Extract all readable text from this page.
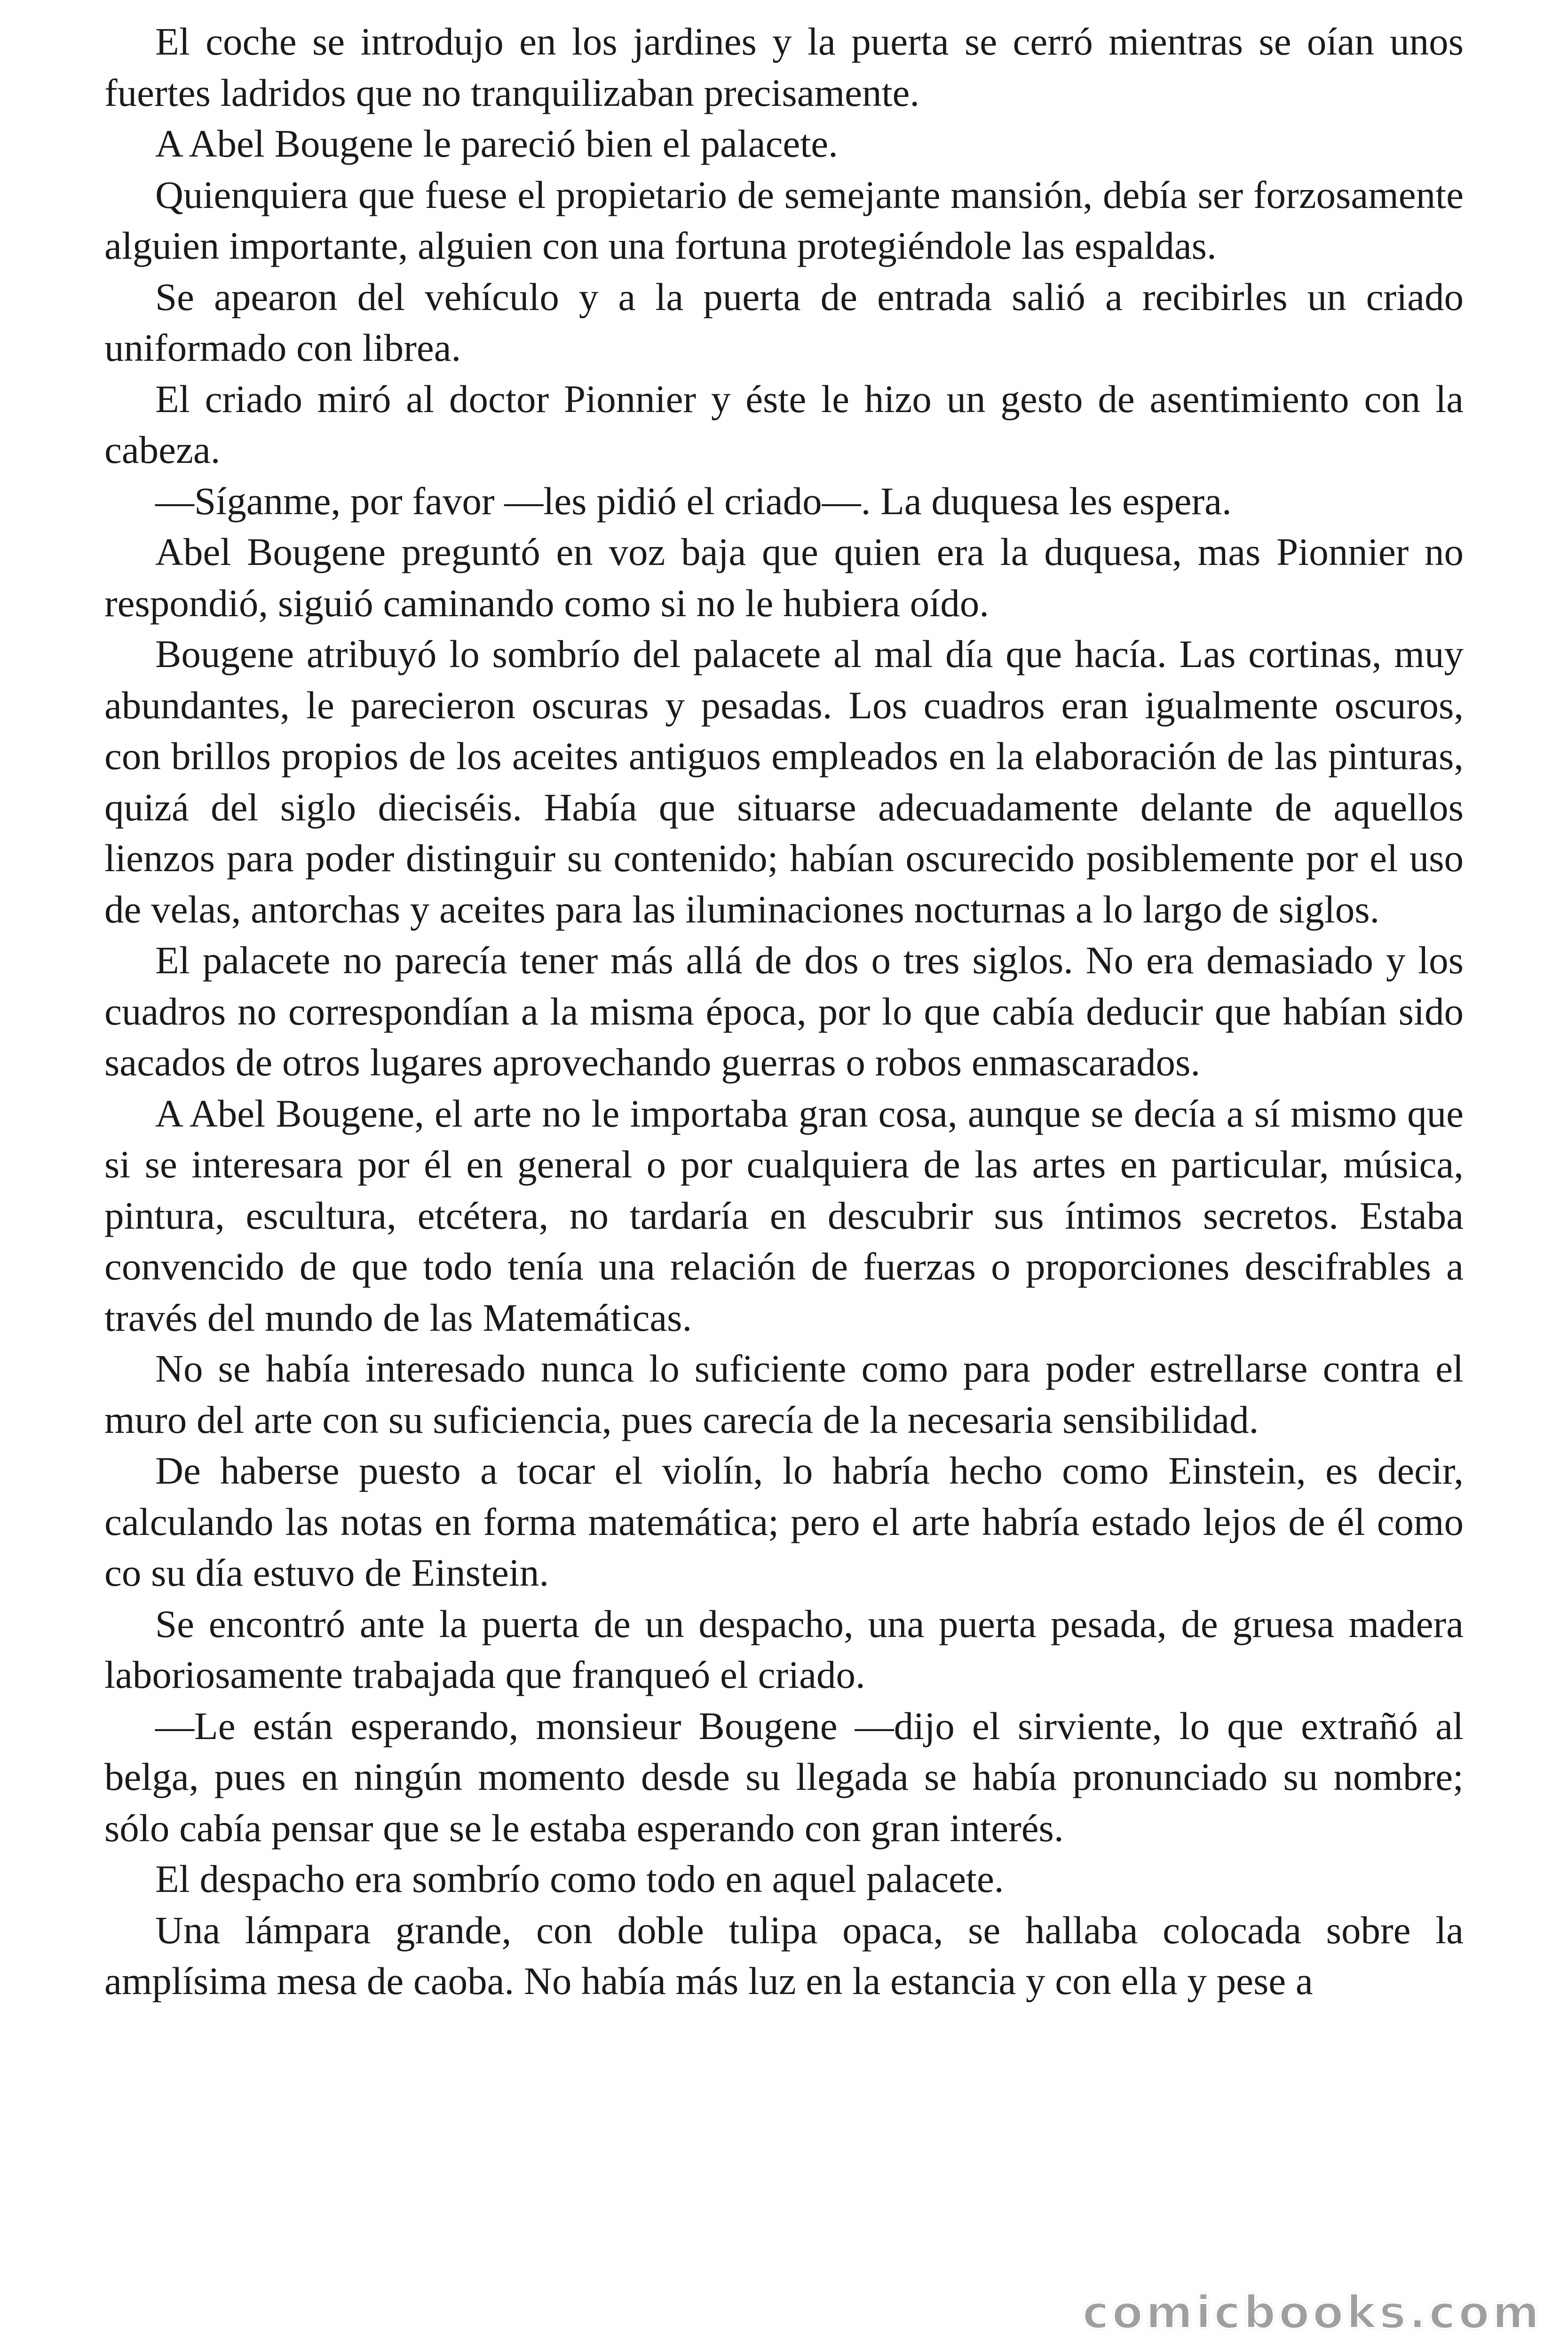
El coche se introdujo en los jardines y la puerta se cerró mientras se oían unos fuertes ladridos que no tranquilizaban precisamente.

A Abel Bougene le pareció bien el palacete.

Quienquiera que fuese el propietario de semejante mansión, debía ser forzosamente alguien importante, alguien con una fortuna protegiéndole las espaldas.

Se apearon del vehículo y a la puerta de entrada salió a recibirles un criado uniformado con librea.

El criado miró al doctor Pionnier y éste le hizo un gesto de asentimiento con la cabeza.

—Síganme, por favor —les pidió el criado—. La duquesa les espera.

Abel Bougene preguntó en voz baja que quien era la duquesa, mas Pionnier no respondió, siguió caminando como si no le hubiera oído.

Bougene atribuyó lo sombrío del palacete al mal día que hacía. Las cortinas, muy abundantes, le parecieron oscuras y pesadas. Los cuadros eran igualmente oscuros, con brillos propios de los aceites antiguos empleados en la elaboración de las pinturas, quizá del siglo dieciséis. Había que situarse adecuadamente delante de aquellos lienzos para poder distinguir su contenido; habían oscurecido posiblemente por el uso de velas, antorchas y aceites para las iluminaciones nocturnas a lo largo de siglos.

El palacete no parecía tener más allá de dos o tres siglos. No era demasiado y los cuadros no correspondían a la misma época, por lo que cabía deducir que habían sido sacados de otros lugares aprovechando guerras o robos enmascarados.

A Abel Bougene, el arte no le importaba gran cosa, aunque se decía a sí mismo que si se interesara por él en general o por cualquiera de las artes en particular, música, pintura, escultura, etcétera, no tardaría en descubrir sus íntimos secretos. Estaba convencido de que todo tenía una relación de fuerzas o proporciones descifrables a través del mundo de las Matemáticas.

No se había interesado nunca lo suficiente como para poder estrellarse contra el muro del arte con su suficiencia, pues carecía de la necesaria sensibilidad.

De haberse puesto a tocar el violín, lo habría hecho como Einstein, es decir, calculando las notas en forma matemática; pero el arte habría estado lejos de él como co su día estuvo de Einstein.

Se encontró ante la puerta de un despacho, una puerta pesada, de gruesa madera laboriosamente trabajada que franqueó el criado.

—Le están esperando, monsieur Bougene —dijo el sirviente, lo que extrañó al belga, pues en ningún momento desde su llegada se había pronunciado su nombre; sólo cabía pensar que se le estaba esperando con gran interés.

El despacho era sombrío como todo en aquel palacete.

Una lámpara grande, con doble tulipa opaca, se hallaba colocada sobre la amplísima mesa de caoba. No había más luz en la estancia y con ella y pese a

comicbooks.com
